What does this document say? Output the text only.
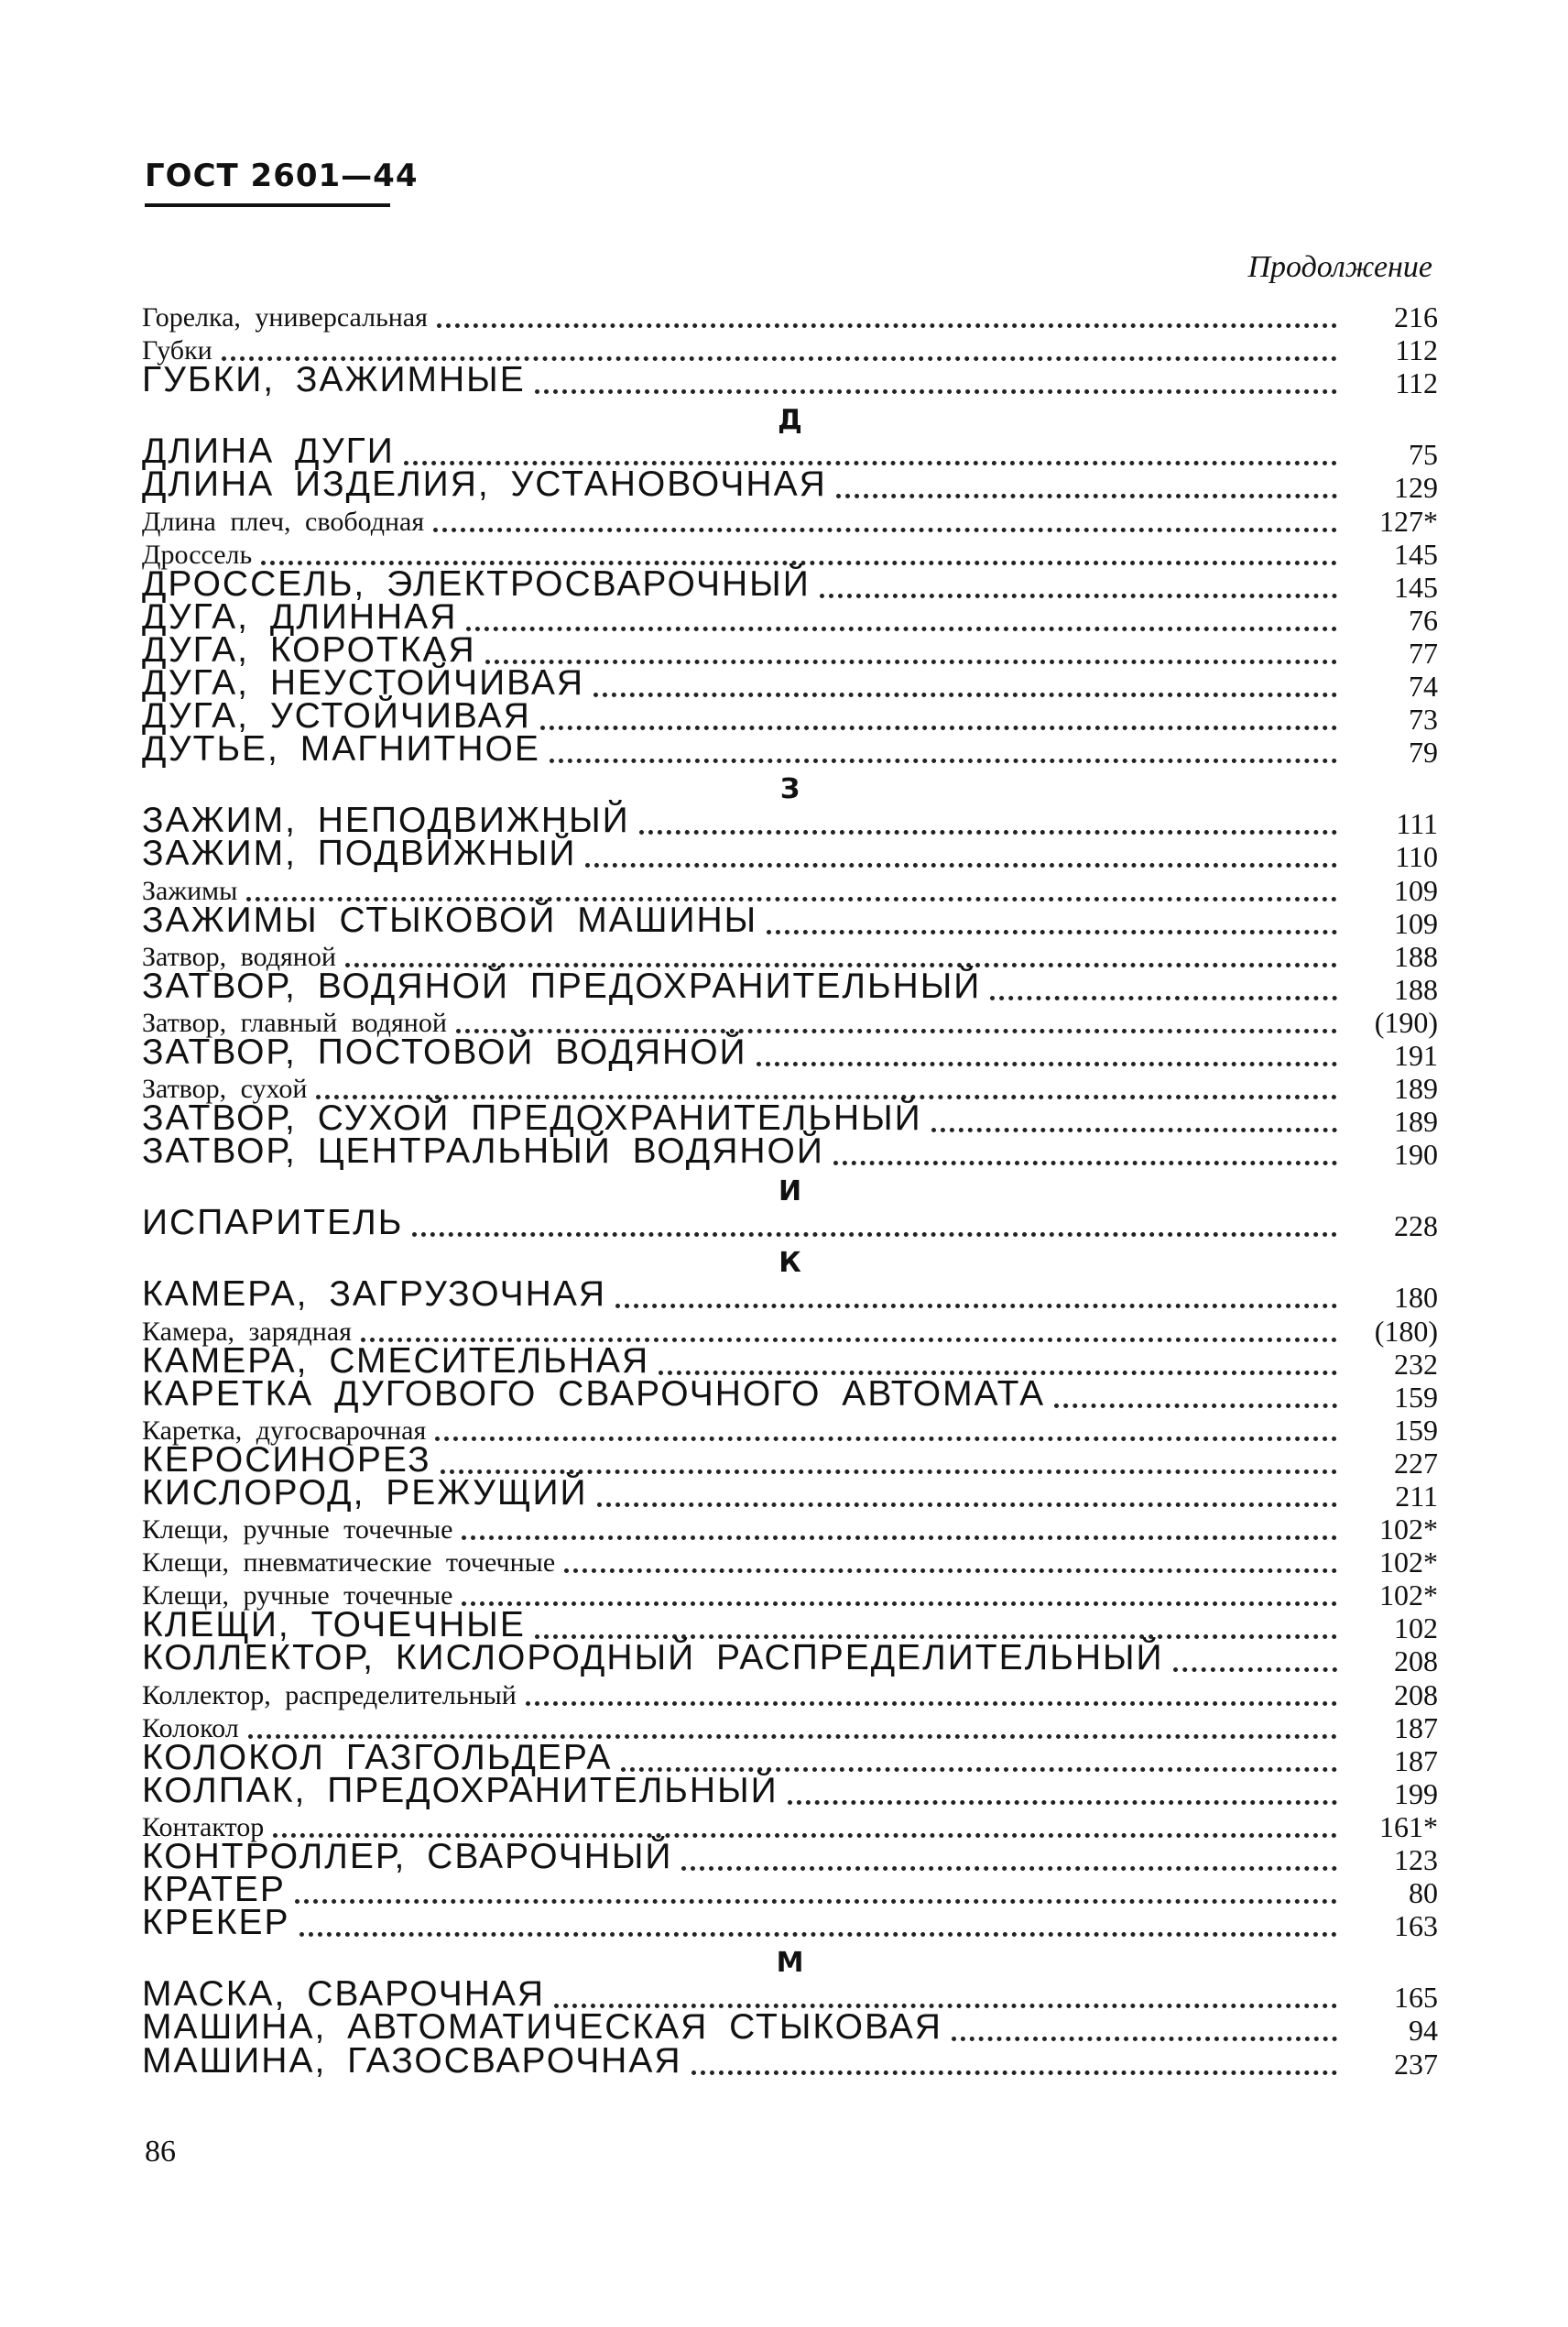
ГОСТ 2601—44
Продолжение
Горелка, универсальная	216
Губки	112
ГУБКИ, ЗАЖИМНЫЕ	112
Д
ДЛИНА ДУГИ	75
ДЛИНА ИЗДЕЛИЯ, УСТАНОВОЧНАЯ	129
Длина плеч, свободная	127*
Дроссель	145
ДРОССЕЛЬ, ЭЛЕКТРОСВАРОЧНЫЙ	145
ДУГА, ДЛИННАЯ	76
ДУГА, КОРОТКАЯ	77
ДУГА, НЕУСТОЙЧИВАЯ	74
ДУГА, УСТОЙЧИВАЯ	73
ДУТЬЕ, МАГНИТНОЕ	79
З
ЗАЖИМ, НЕПОДВИЖНЫЙ	111
ЗАЖИМ, ПОДВИЖНЫЙ	110
Зажимы	109
ЗАЖИМЫ СТЫКОВОЙ МАШИНЫ	109
Затвор, водяной	188
ЗАТВОР, ВОДЯНОЙ ПРЕДОХРАНИТЕЛЬНЫЙ	188
Затвор, главный водяной	(190)
ЗАТВОР, ПОСТОВОЙ ВОДЯНОЙ	191
Затвор, сухой	189
ЗАТВОР, СУХОЙ ПРЕДОХРАНИТЕЛЬНЫЙ	189
ЗАТВОР, ЦЕНТРАЛЬНЫЙ ВОДЯНОЙ	190
И
ИСПАРИТЕЛЬ	228
К
КАМЕРА, ЗАГРУЗОЧНАЯ	180
Камера, зарядная	(180)
КАМЕРА, СМЕСИТЕЛЬНАЯ	232
КАРЕТКА ДУГОВОГО СВАРОЧНОГО АВТОМАТА	159
Каретка, дугосварочная	159
КЕРОСИНОРЕЗ	227
КИСЛОРОД, РЕЖУЩИЙ	211
Клещи, ручные точечные	102*
Клещи, пневматические точечные	102*
Клещи, ручные точечные	102*
КЛЕЩИ, ТОЧЕЧНЫЕ	102
КОЛЛЕКТОР, КИСЛОРОДНЫЙ РАСПРЕДЕЛИТЕЛЬНЫЙ	208
Коллектор, распределительный	208
Колокол	187
КОЛОКОЛ ГАЗГОЛЬДЕРА	187
КОЛПАК, ПРЕДОХРАНИТЕЛЬНЫЙ	199
Контактор	161*
КОНТРОЛЛЕР, СВАРОЧНЫЙ	123
КРАТЕР	80
КРЕКЕР	163
М
МАСКА, СВАРОЧНАЯ	165
МАШИНА, АВТОМАТИЧЕСКАЯ СТЫКОВАЯ	94
МАШИНА, ГАЗОСВАРОЧНАЯ	237
86
